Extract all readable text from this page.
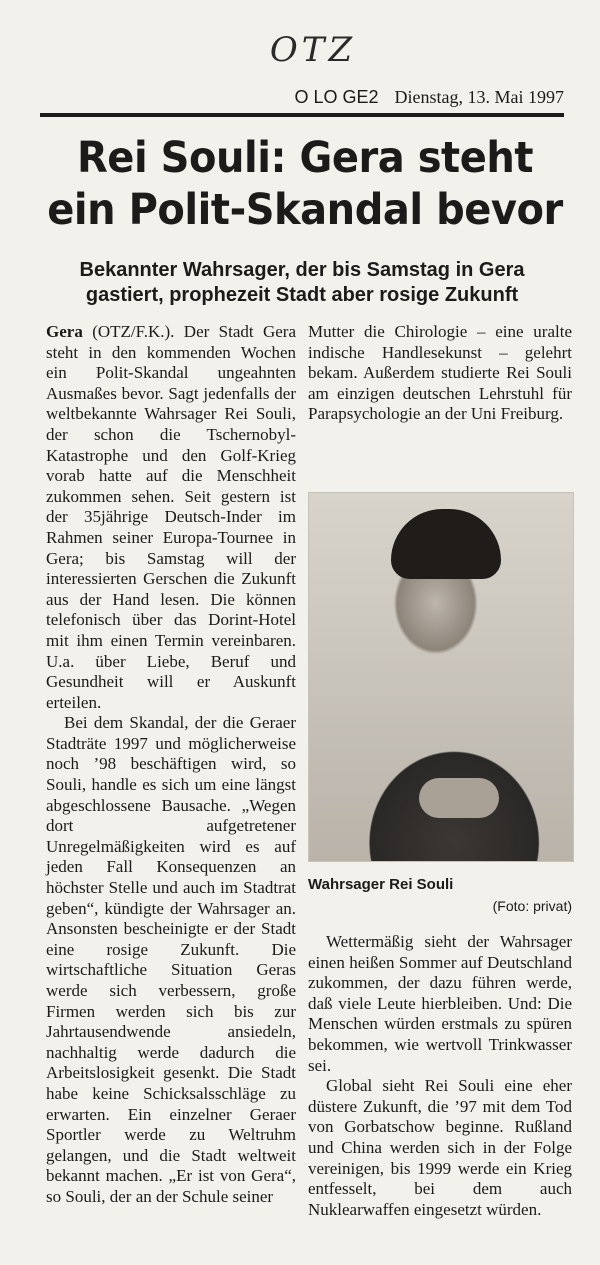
OTZ
O LO GE2 Dienstag, 13. Mai 1997
Rei Souli: Gera steht
ein Polit-Skandal bevor
Bekannter Wahrsager, der bis Samstag in Gera
gastiert, prophezeit Stadt aber rosige Zukunft

Gera (OTZ/F.K.). Der Stadt Gera steht in den kommenden Wochen ein Polit-Skandal ungeahnten Ausmaßes bevor. Sagt jedenfalls der weltbekannte Wahrsager Rei Souli, der schon die Tschernobyl-Katastrophe und den Golf-Krieg vorab hatte auf die Menschheit zukommen sehen. Seit gestern ist der 35jährige Deutsch-Inder im Rahmen seiner Europa-Tournee in Gera; bis Samstag will der interessierten Gerschen die Zukunft aus der Hand lesen. Die können telefonisch über das Dorint-Hotel mit ihm einen Termin vereinbaren. U.a. über Liebe, Beruf und Gesundheit will er Auskunft erteilen.

Bei dem Skandal, der die Geraer Stadträte 1997 und möglicherweise noch ’98 beschäftigen wird, so Souli, handle es sich um eine längst abgeschlossene Bausache. „Wegen dort aufgetretener Unregelmäßigkeiten wird es auf jeden Fall Konsequenzen an höchster Stelle und auch im Stadtrat geben“, kündigte der Wahrsager an. Ansonsten bescheinigte er der Stadt eine rosige Zukunft. Die wirtschaftliche Situation Geras werde sich verbessern, große Firmen werden sich bis zur Jahrtausendwende ansiedeln, nachhaltig werde dadurch die Arbeitslosigkeit gesenkt. Die Stadt habe keine Schicksalsschläge zu erwarten. Ein einzelner Geraer Sportler werde zu Weltruhm gelangen, und die Stadt weltweit bekannt machen. „Er ist von Gera“, so Souli, der an der Schule seiner

Mutter die Chirologie – eine uralte indische Handlesekunst – gelehrt bekam. Außerdem studierte Rei Souli am einzigen deutschen Lehrstuhl für Parapsychologie an der Uni Freiburg.

Wahrsager Rei Souli
(Foto: privat)

Wettermäßig sieht der Wahrsager einen heißen Sommer auf Deutschland zukommen, der dazu führen werde, daß viele Leute hierbleiben. Und: Die Menschen würden erstmals zu spüren bekommen, wie wertvoll Trinkwasser sei.

Global sieht Rei Souli eine eher düstere Zukunft, die ’97 mit dem Tod von Gorbatschow beginne. Rußland und China werden sich in der Folge vereinigen, bis 1999 werde ein Krieg entfesselt, bei dem auch Nuklearwaffen eingesetzt würden.
